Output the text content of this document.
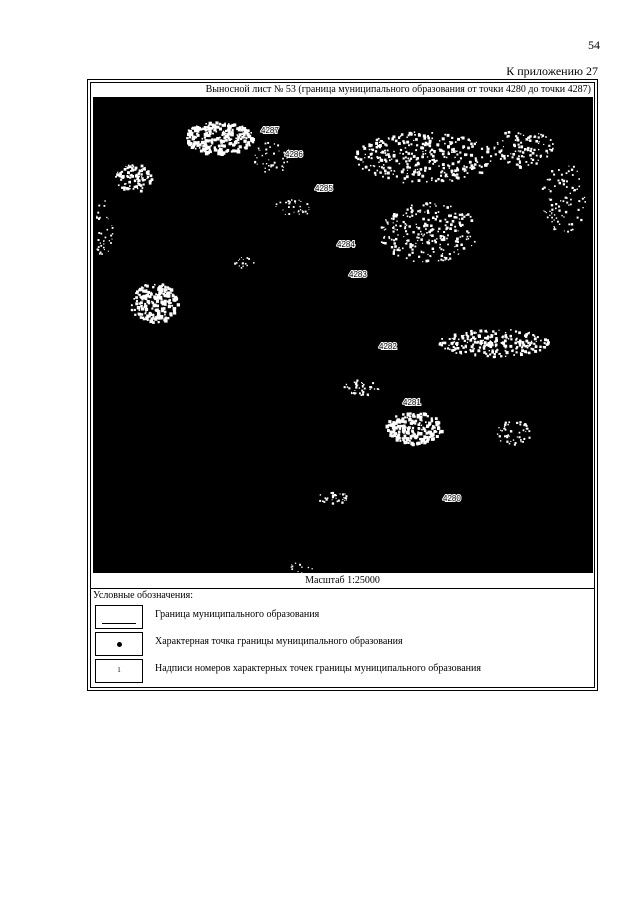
54
К приложению 27
Выносной лист № 53 (граница муниципального образования от точки 4280 до точки 4287)
4287
4286
4285
4284
4283
4282
4281
4280
Масштаб 1:25000
Условные обозначения:
Граница муниципального образования
Характерная точка границы муниципального образования
1	Надписи номеров характерных точек границы муниципального образования
